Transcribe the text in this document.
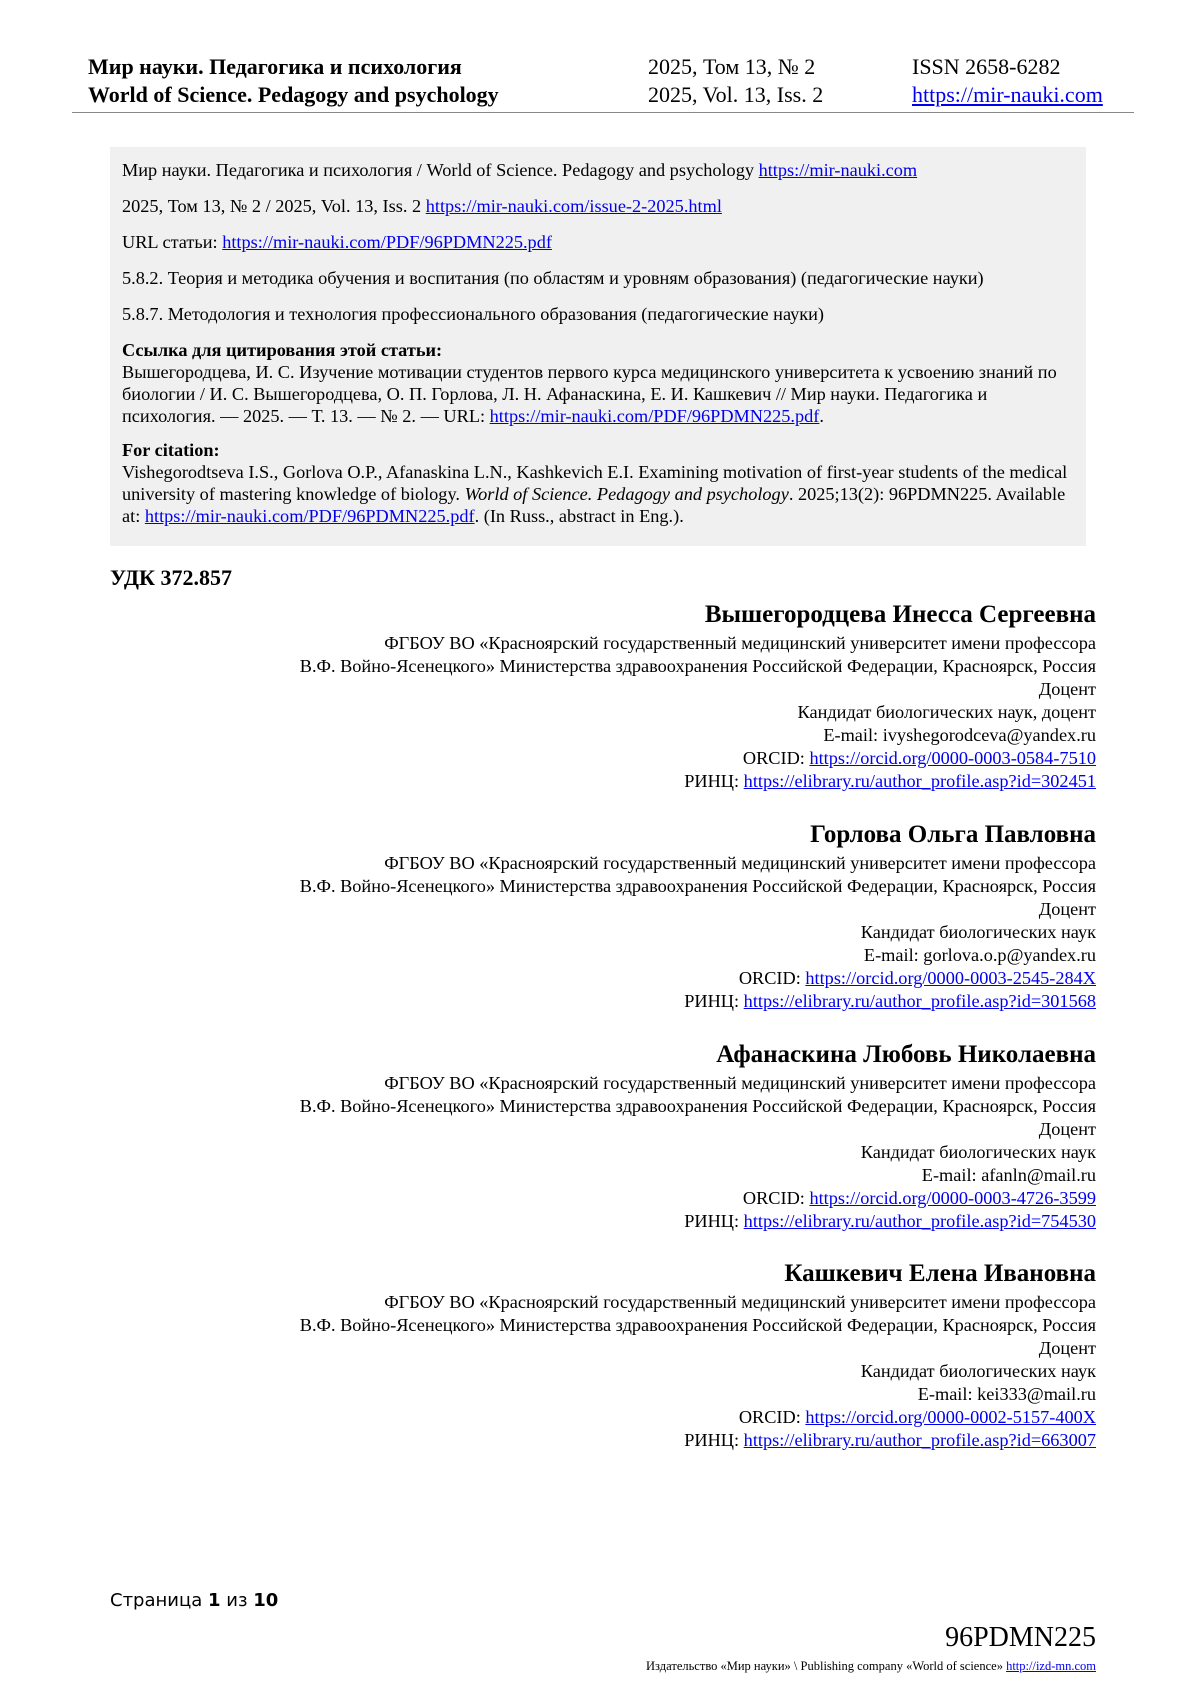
Мир науки. Педагогика и психология
World of Science. Pedagogy and psychology
2025, Том 13, № 2
2025, Vol. 13, Iss. 2
ISSN 2658-6282
https://mir-nauki.com

Мир науки. Педагогика и психология / World of Science. Pedagogy and psychology https://mir-nauki.com

2025, Том 13, № 2 / 2025, Vol. 13, Iss. 2 https://mir-nauki.com/issue-2-2025.html

URL статьи: https://mir-nauki.com/PDF/96PDMN225.pdf

5.8.2. Теория и методика обучения и воспитания (по областям и уровням образования) (педагогические науки)

5.8.7. Методология и технология профессионального образования (педагогические науки)

Ссылка для цитирования этой статьи:
Вышегородцева, И. С. Изучение мотивации студентов первого курса медицинского университета к усвоению знаний по биологии / И. С. Вышегородцева, О. П. Горлова, Л. Н. Афанаскина, Е. И. Кашкевич // Мир науки. Педагогика и психология. — 2025. — Т. 13. — № 2. — URL: https://mir-nauki.com/PDF/96PDMN225.pdf.
For citation:
Vishegorodtseva I.S., Gorlova O.P., Afanaskina L.N., Kashkevich E.I. Examining motivation of first-year students of the medical university of mastering knowledge of biology. World of Science. Pedagogy and psychology. 2025;13(2): 96PDMN225. Available at: https://mir-nauki.com/PDF/96PDMN225.pdf. (In Russ., abstract in Eng.).
УДК 372.857
Вышегородцева Инесса Сергеевна
ФГБОУ ВО «Красноярский государственный медицинский университет имени профессора
В.Ф. Войно-Ясенецкого» Министерства здравоохранения Российской Федерации, Красноярск, Россия
Доцент
Кандидат биологических наук, доцент
E-mail: ivyshegorodceva@yandex.ru
ORCID: https://orcid.org/0000-0003-0584-7510
РИНЦ: https://elibrary.ru/author_profile.asp?id=302451
Горлова Ольга Павловна
ФГБОУ ВО «Красноярский государственный медицинский университет имени профессора
В.Ф. Войно-Ясенецкого» Министерства здравоохранения Российской Федерации, Красноярск, Россия
Доцент
Кандидат биологических наук
E-mail: gorlova.o.p@yandex.ru
ORCID: https://orcid.org/0000-0003-2545-284X
РИНЦ: https://elibrary.ru/author_profile.asp?id=301568
Афанаскина Любовь Николаевна
ФГБОУ ВО «Красноярский государственный медицинский университет имени профессора
В.Ф. Войно-Ясенецкого» Министерства здравоохранения Российской Федерации, Красноярск, Россия
Доцент
Кандидат биологических наук
E-mail: afanln@mail.ru
ORCID: https://orcid.org/0000-0003-4726-3599
РИНЦ: https://elibrary.ru/author_profile.asp?id=754530
Кашкевич Елена Ивановна
ФГБОУ ВО «Красноярский государственный медицинский университет имени профессора
В.Ф. Войно-Ясенецкого» Министерства здравоохранения Российской Федерации, Красноярск, Россия
Доцент
Кандидат биологических наук
E-mail: kei333@mail.ru
ORCID: https://orcid.org/0000-0002-5157-400X
РИНЦ: https://elibrary.ru/author_profile.asp?id=663007
Страница 1 из 10
96PDMN225
Издательство «Мир науки» \ Publishing company «World of science» http://izd-mn.com
